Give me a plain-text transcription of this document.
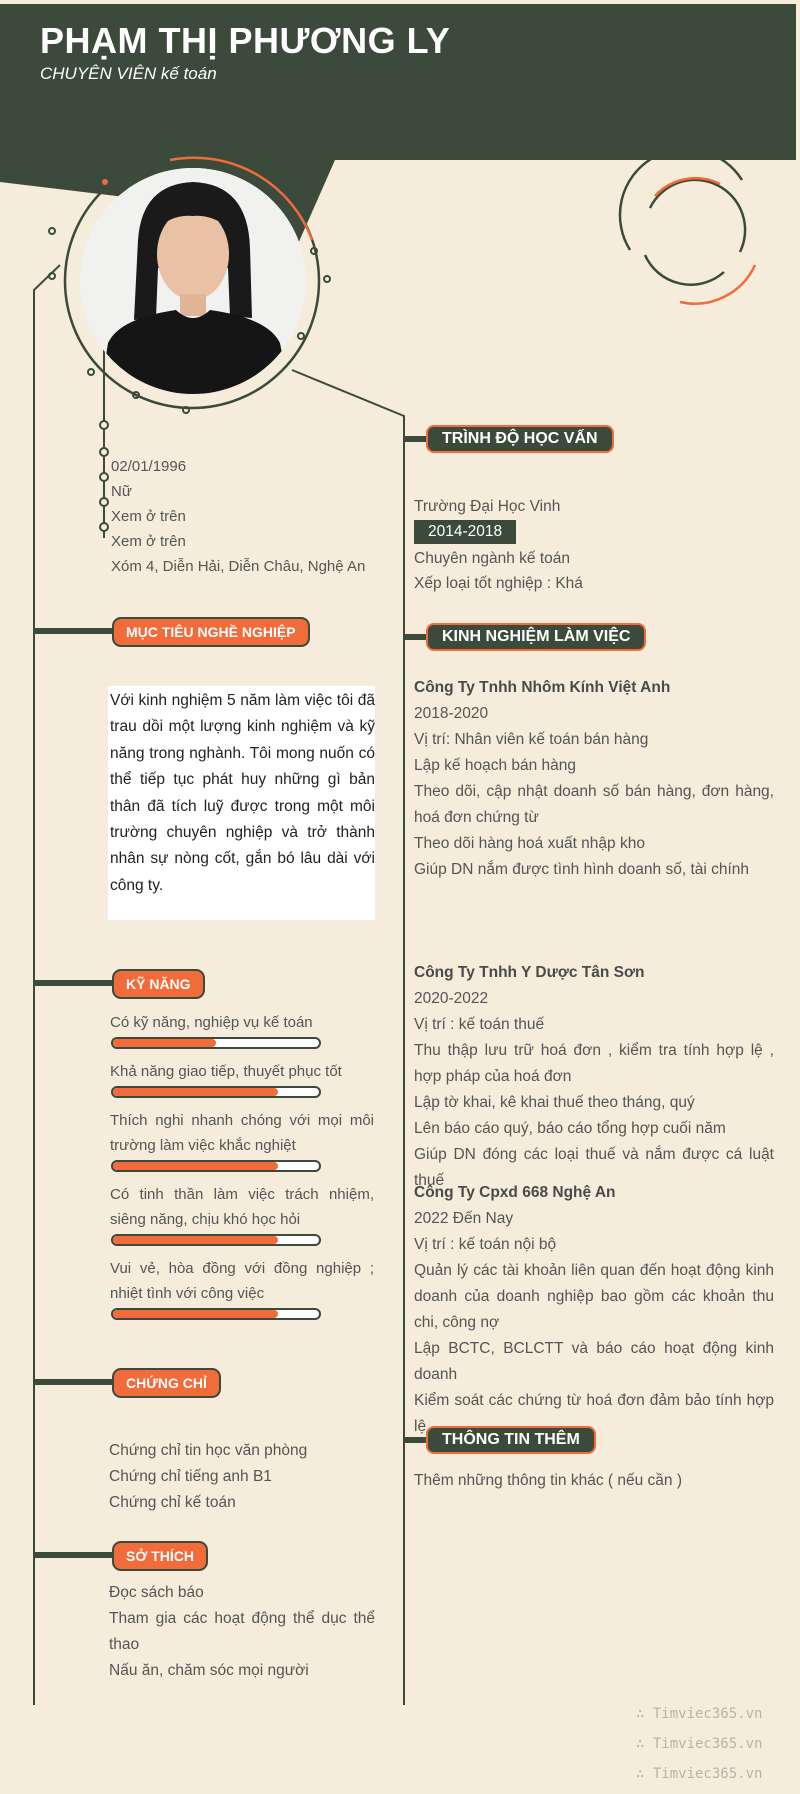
PHẠM THỊ PHƯƠNG LY
CHUYÊN VIÊN kế toán
02/01/1996
Nữ
Xem ở trên
Xem ở trên
Xóm 4, Diễn Hải, Diễn Châu, Nghệ An
MỤC TIÊU NGHỀ NGHIỆP
Với kinh nghiệm 5 năm làm việc tôi đã trau dồi một lượng kinh nghiệm và kỹ năng trong nghành. Tôi mong nuốn có thể tiếp tục phát huy những gì bản thân đã tích luỹ được trong một môi trường chuyên nghiệp và trở thành nhân sự nòng cốt, gắn bó lâu dài với công ty.
KỸ NĂNG
Có kỹ năng, nghiệp vụ kế toán
Khả năng giao tiếp, thuyết phục tốt
Thích nghi nhanh chóng với mọi môi trường làm việc khắc nghiệt
Có tinh thần làm việc trách nhiệm, siêng năng, chịu khó học hỏi
Vui vẻ, hòa đồng với đồng nghiệp ; nhiệt tình với công việc
CHỨNG CHỈ
Chứng chỉ tin học văn phòng
Chứng chỉ tiếng anh B1
Chứng chỉ kế toán
SỞ THÍCH
Đọc sách báo
Tham gia các hoạt động thể dục thể thao
Nấu ăn, chăm sóc mọi người
TRÌNH ĐỘ HỌC VẤN
Trường Đại Học Vinh
2014-2018
Chuyên ngành kế toán
Xếp loại tốt nghiệp : Khá
KINH NGHIỆM LÀM VIỆC
Công Ty Tnhh Nhôm Kính Việt Anh
2018-2020
Vị trí: Nhân viên kế toán bán hàng

Lập kế hoạch bán hàng

Theo dõi, cập nhật doanh số bán hàng, đơn hàng, hoá đơn chứng từ

Theo dõi hàng hoá xuất nhập kho

Giúp DN nắm được tình hình doanh số, tài chính

Công Ty Tnhh Y Dược Tân Sơn
2020-2022
Vị trí : kế toán thuế

Thu thập lưu trữ hoá đơn , kiểm tra tính hợp lệ , hợp pháp của hoá đơn

Lập tờ khai, kê khai thuế theo tháng, quý

Lên báo cáo quý, báo cáo tổng hợp cuối năm

Giúp DN đóng các loại thuế và nắm được cá luật thuế

Công Ty Cpxd 668 Nghệ An
2022 Đến Nay
Vị trí : kế toán nội bộ

Quản lý các tài khoản liên quan đến hoạt động kinh doanh của doanh nghiệp bao gồm các khoản thu chi, công nợ

Lập BCTC, BCLCTT và báo cáo hoạt động kinh doanh

Kiểm soát các chứng từ hoá đơn đảm bảo tính hợp lệ

THÔNG TIN THÊM
Thêm những thông tin khác ( nếu cần )
∴ Timviec365.vn
∴ Timviec365.vn
∴ Timviec365.vn
